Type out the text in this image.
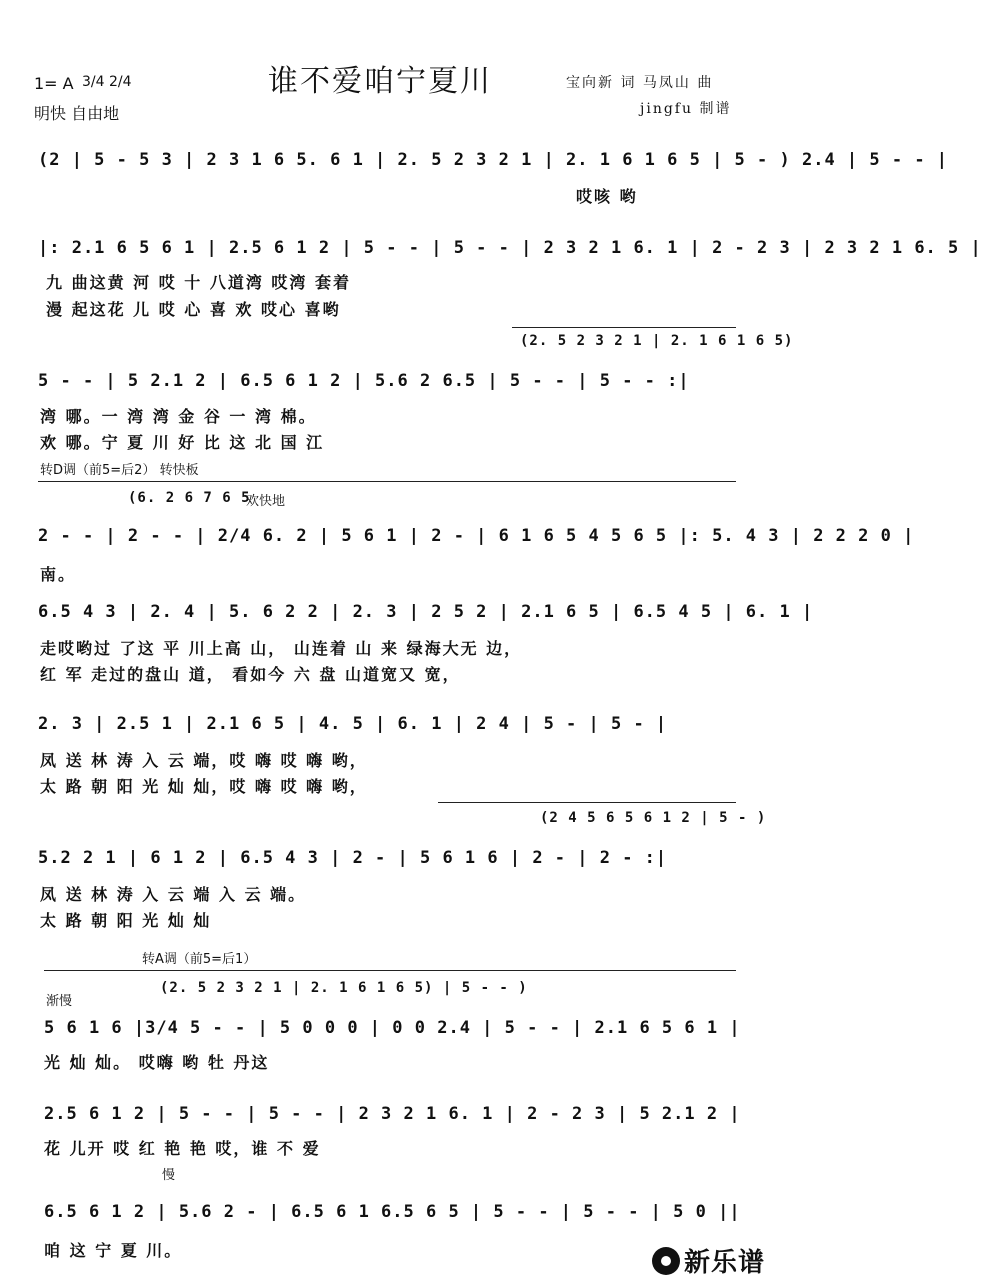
1= A 3/4 2/4
明快 自由地
谁不爱咱宁夏川	宝向新 词 马凤山 曲
jingfu 制谱
(2 | 5 - 5 3 | 2 3 1 6 5. 6 1 | 2. 5 2 3 2 1 | 2. 1 6 1 6 5 | 5 - ) 2.4 | 5 - - |
哎咳 哟
|: 2.1 6 5 6 1 | 2.5 6 1 2 | 5 - - | 5 - - | 2 3 2 1 6. 1 | 2 - 2 3 | 2 3 2 1 6. 5 |
九 曲这黄 河 哎 十 八道湾 哎湾 套着
漫 起这花 儿 哎 心 喜 欢 哎心 喜哟
(2. 5 2 3 2 1 | 2. 1 6 1 6 5)
5 - - | 5 2.1 2 | 6.5 6 1 2 | 5.6 2 6.5 | 5 - - | 5 - - :|
湾 哪。一 湾 湾 金 谷 一 湾 棉。
欢 哪。宁 夏 川 好 比 这 北 国 江
转D调（前5=后2） 转快板
(6. 2 6 7 6 5
欢快地
2 - - | 2 - - | 2/4 6. 2 | 5 6 1 | 2 - | 6 1 6 5 4 5 6 5 |: 5. 4 3 | 2 2 2 0 |
南。
6.5 4 3 | 2. 4 | 5. 6 2 2 | 2. 3 | 2 5 2 | 2.1 6 5 | 6.5 4 5 | 6. 1 |
走哎哟过 了这 平 川上高 山， 山连着 山 来 绿海大无 边，
红 军 走过的盘山 道， 看如今 六 盘 山道宽又 宽，
2. 3 | 2.5 1 | 2.1 6 5 | 4. 5 | 6. 1 | 2 4 | 5 - | 5 - |
凤 送 林 涛 入 云 端，哎 嗨 哎 嗨 哟，
太 路 朝 阳 光 灿 灿，哎 嗨 哎 嗨 哟，
(2 4 5 6 5 6 1 2 | 5 - )
5.2 2 1 | 6 1 2 | 6.5 4 3 | 2 - | 5 6 1 6 | 2 - | 2 - :|
凤 送 林 涛 入 云 端 入 云 端。
太 路 朝 阳 光 灿 灿
转A调（前5=后1）
渐慢
(2. 5 2 3 2 1 | 2. 1 6 1 6 5) | 5 - - )
5 6 1 6 |3/4 5 - - | 5 0 0 0 | 0 0 2.4 | 5 - - | 2.1 6 5 6 1 |
光 灿 灿。 哎嗨 哟 牡 丹这
2.5 6 1 2 | 5 - - | 5 - - | 2 3 2 1 6. 1 | 2 - 2 3 | 5 2.1 2 |
花 儿开 哎 红 艳 艳 哎，谁 不 爱
慢
6.5 6 1 2 | 5.6 2 - | 6.5 6 1 6.5 6 5 | 5 - - | 5 - - | 5 0 ||
咱 这 宁 夏 川。	新乐谱
